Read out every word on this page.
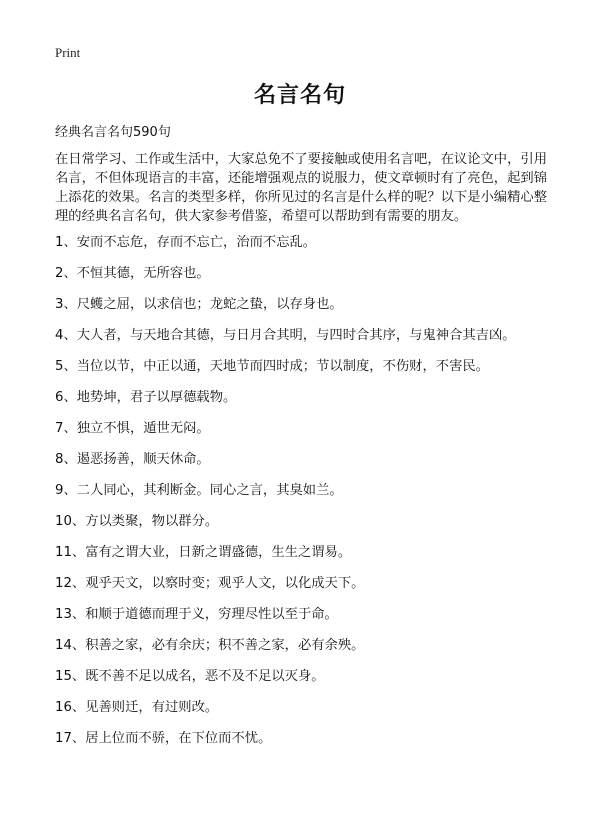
Print
名言名句

经典名言名句590句

在日常学习、工作或生活中，大家总免不了要接触或使用名言吧，在议论文中，引用名言，不但体现语言的丰富，还能增强观点的说服力，使文章顿时有了亮色，起到锦上添花的效果。名言的类型多样，你所见过的名言是什么样的呢？以下是小编精心整理的经典名言名句，供大家参考借鉴，希望可以帮助到有需要的朋友。

1、安而不忘危，存而不忘亡，治而不忘乱。
2、不恒其德，无所容也。
3、尺蠖之屈，以求信也；龙蛇之蛰，以存身也。
4、大人者，与天地合其德，与日月合其明，与四时合其序，与鬼神合其吉凶。
5、当位以节，中正以通，天地节而四时成；节以制度，不伤财，不害民。
6、地势坤，君子以厚德载物。
7、独立不惧，遁世无闷。
8、遏恶扬善，顺天休命。
9、二人同心，其利断金。同心之言，其臭如兰。
10、方以类聚，物以群分。
11、富有之谓大业，日新之谓盛德，生生之谓易。
12、观乎天文，以察时变；观乎人文，以化成天下。
13、和顺于道德而理于义，穷理尽性以至于命。
14、积善之家，必有余庆；积不善之家，必有余殃。
15、既不善不足以成名，恶不及不足以灭身。
16、见善则迁，有过则改。
17、居上位而不骄，在下位而不忧。
